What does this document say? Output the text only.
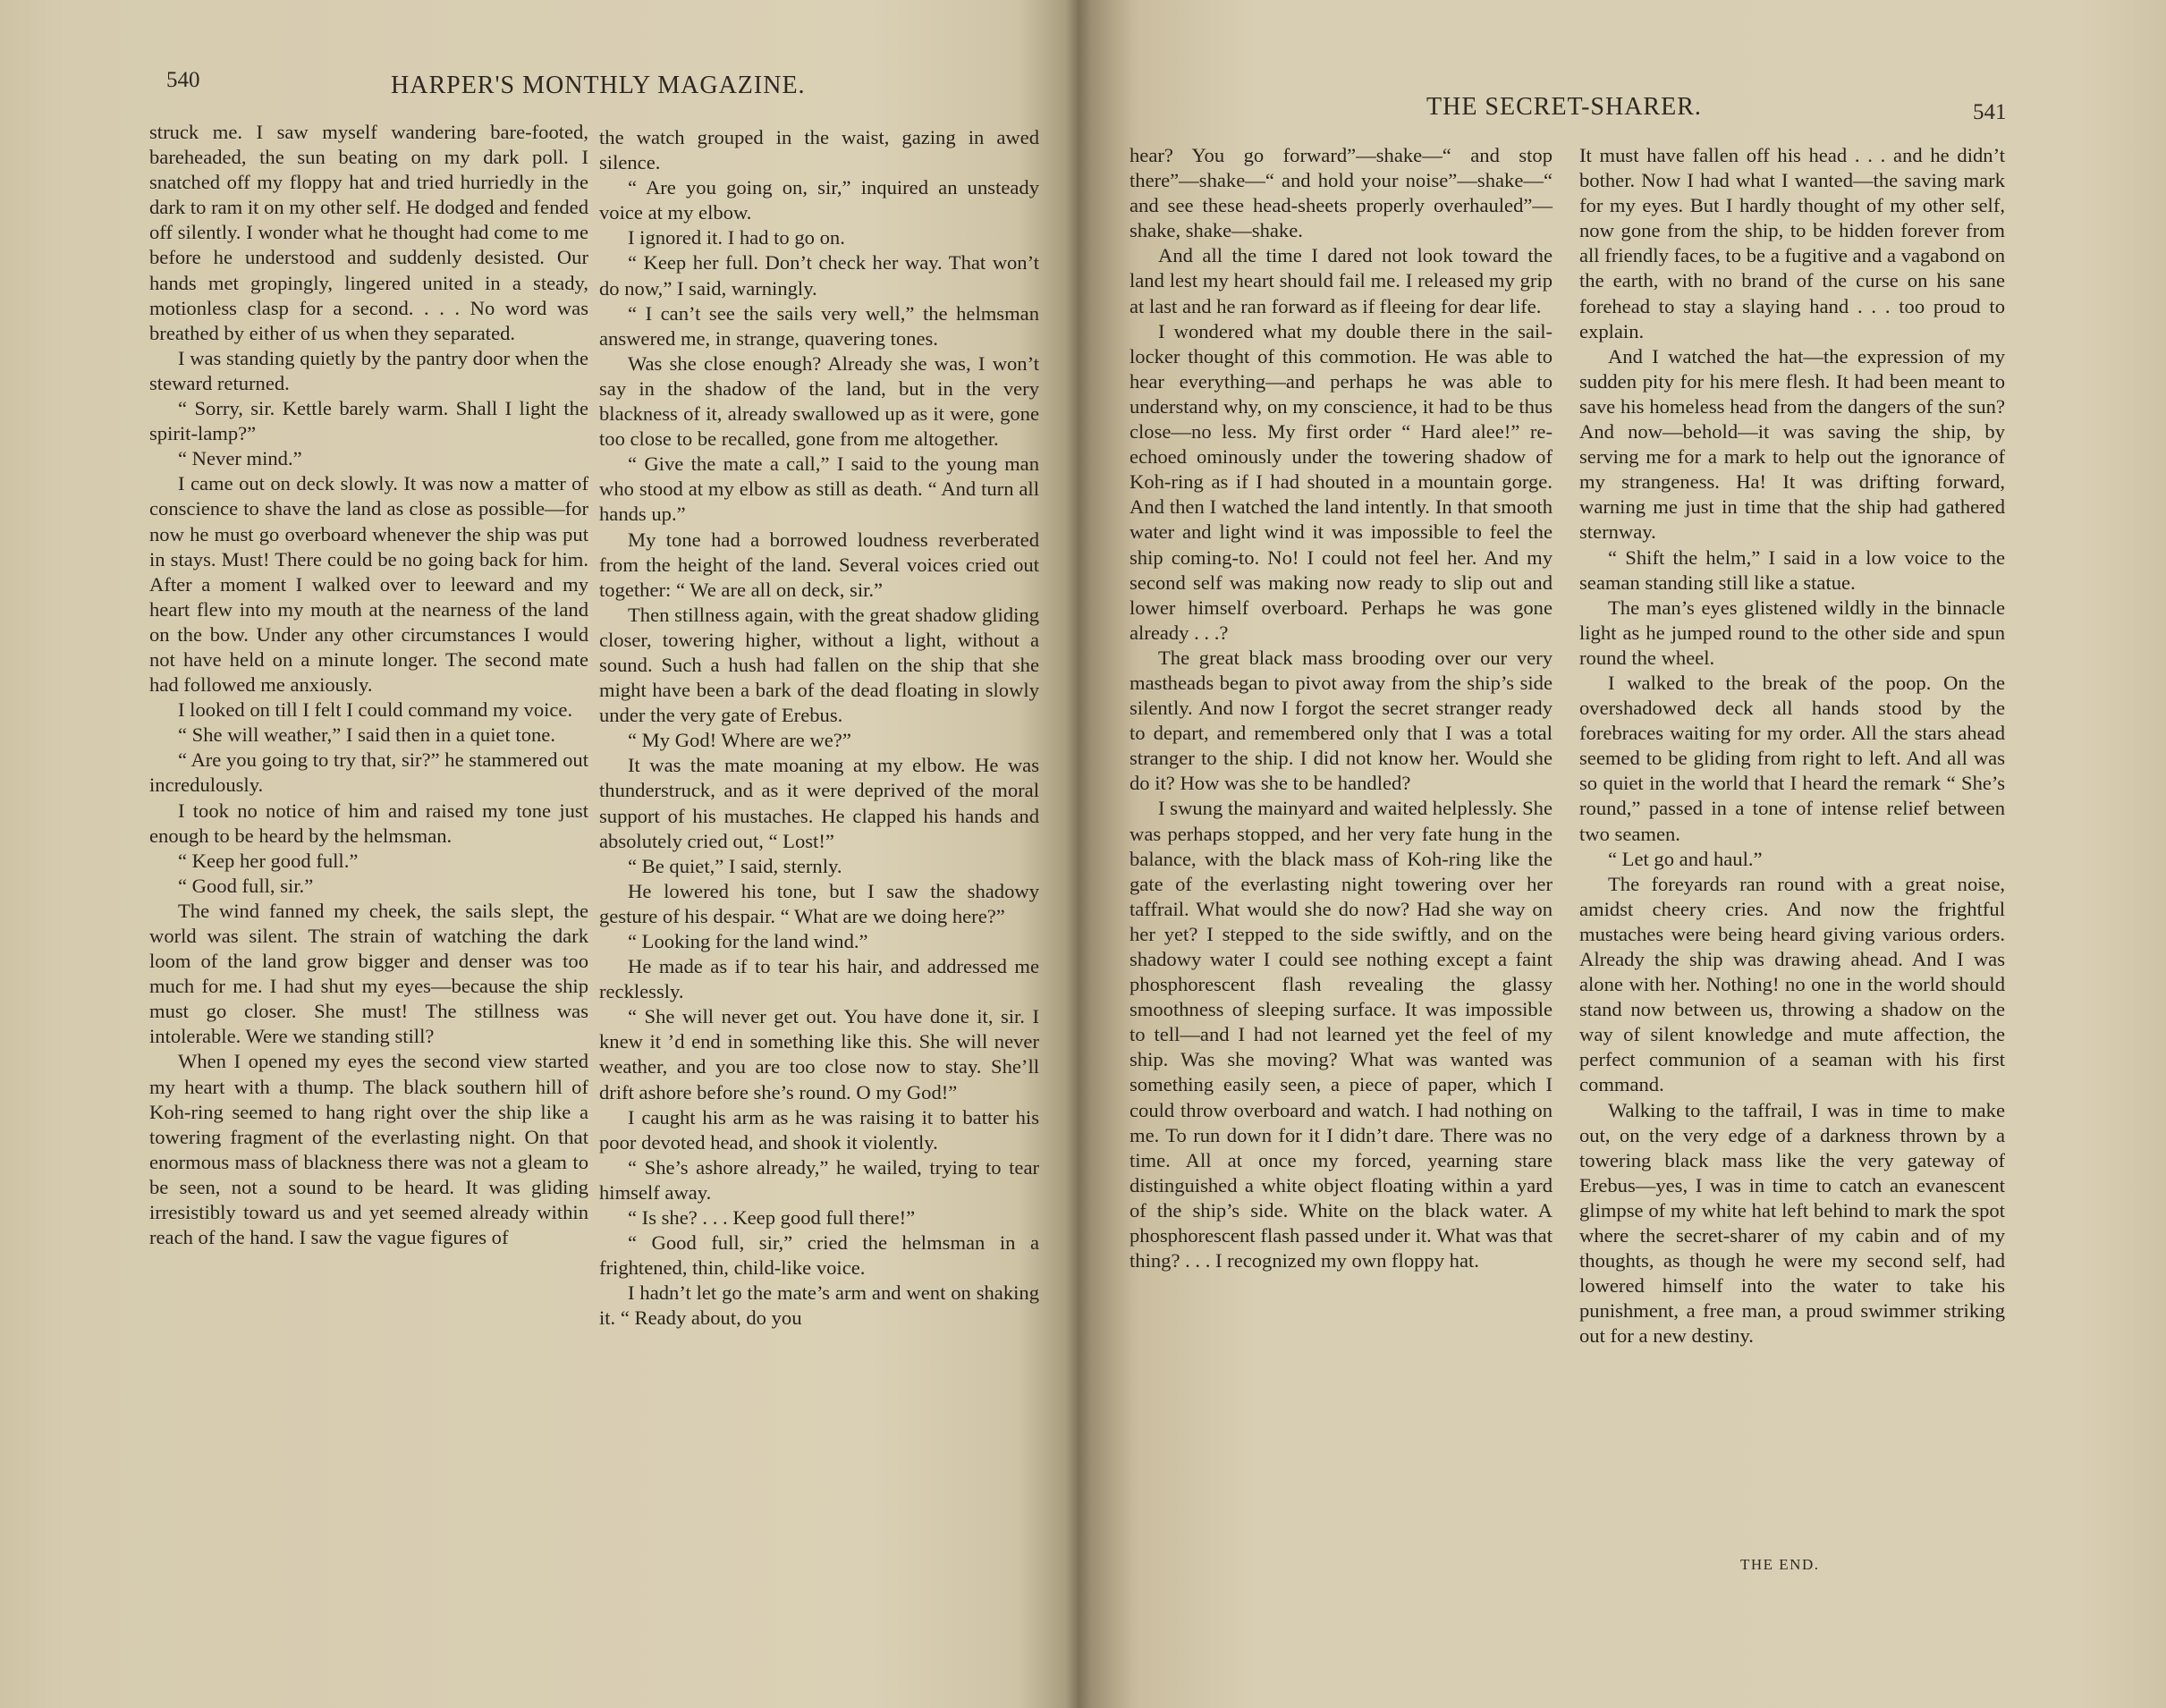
540	HARPER'S MONTHLY MAGAZINE.

struck me. I saw myself wandering bare-footed, bareheaded, the sun beating on my dark poll. I snatched off my floppy hat and tried hurriedly in the dark to ram it on my other self. He dodged and fended off silently. I wonder what he thought had come to me before he understood and suddenly desisted. Our hands met gropingly, lingered united in a steady, motionless clasp for a second. . . . No word was breathed by either of us when they separated.

I was standing quietly by the pantry door when the steward returned.

“ Sorry, sir. Kettle barely warm. Shall I light the spirit-lamp?”

“ Never mind.”

I came out on deck slowly. It was now a matter of conscience to shave the land as close as possible—for now he must go overboard whenever the ship was put in stays. Must! There could be no going back for him. After a moment I walked over to leeward and my heart flew into my mouth at the nearness of the land on the bow. Under any other circumstances I would not have held on a minute longer. The second mate had followed me anxiously.

I looked on till I felt I could command my voice.

“ She will weather,” I said then in a quiet tone.

“ Are you going to try that, sir?” he stammered out incredulously.

I took no notice of him and raised my tone just enough to be heard by the helmsman.

“ Keep her good full.”

“ Good full, sir.”

The wind fanned my cheek, the sails slept, the world was silent. The strain of watching the dark loom of the land grow bigger and denser was too much for me. I had shut my eyes—because the ship must go closer. She must! The stillness was intolerable. Were we standing still?

When I opened my eyes the second view started my heart with a thump. The black southern hill of Koh-ring seemed to hang right over the ship like a towering fragment of the everlasting night. On that enormous mass of blackness there was not a gleam to be seen, not a sound to be heard. It was gliding irresistibly toward us and yet seemed already within reach of the hand. I saw the vague figures of

the watch grouped in the waist, gazing in awed silence.

“ Are you going on, sir,” inquired an unsteady voice at my elbow.

I ignored it. I had to go on.

“ Keep her full. Don’t check her way. That won’t do now,” I said, warningly.

“ I can’t see the sails very well,” the helmsman answered me, in strange, quavering tones.

Was she close enough? Already she was, I won’t say in the shadow of the land, but in the very blackness of it, already swallowed up as it were, gone too close to be recalled, gone from me altogether.

“ Give the mate a call,” I said to the young man who stood at my elbow as still as death. “ And turn all hands up.”

My tone had a borrowed loudness reverberated from the height of the land. Several voices cried out together: “ We are all on deck, sir.”

Then stillness again, with the great shadow gliding closer, towering higher, without a light, without a sound. Such a hush had fallen on the ship that she might have been a bark of the dead floating in slowly under the very gate of Erebus.

“ My God! Where are we?”

It was the mate moaning at my elbow. He was thunderstruck, and as it were deprived of the moral support of his mustaches. He clapped his hands and absolutely cried out, “ Lost!”

“ Be quiet,” I said, sternly.

He lowered his tone, but I saw the shadowy gesture of his despair. “ What are we doing here?”

“ Looking for the land wind.”

He made as if to tear his hair, and addressed me recklessly.

“ She will never get out. You have done it, sir. I knew it ’d end in something like this. She will never weather, and you are too close now to stay. She’ll drift ashore before she’s round. O my God!”

I caught his arm as he was raising it to batter his poor devoted head, and shook it violently.

“ She’s ashore already,” he wailed, trying to tear himself away.

“ Is she? . . . Keep good full there!”

“ Good full, sir,” cried the helmsman in a frightened, thin, child-like voice.

I hadn’t let go the mate’s arm and went on shaking it. “ Ready about, do you

THE SECRET-SHARER.	541

hear? You go forward”—shake—“ and stop there”—shake—“ and hold your noise”—shake—“ and see these head-sheets properly overhauled”—shake, shake—shake.

And all the time I dared not look toward the land lest my heart should fail me. I released my grip at last and he ran forward as if fleeing for dear life.

I wondered what my double there in the sail-locker thought of this commotion. He was able to hear everything—and perhaps he was able to understand why, on my conscience, it had to be thus close—no less. My first order “ Hard alee!” re-echoed ominously under the towering shadow of Koh-ring as if I had shouted in a mountain gorge. And then I watched the land intently. In that smooth water and light wind it was impossible to feel the ship coming-to. No! I could not feel her. And my second self was making now ready to slip out and lower himself overboard. Perhaps he was gone already . . .?

The great black mass brooding over our very mastheads began to pivot away from the ship’s side silently. And now I forgot the secret stranger ready to depart, and remembered only that I was a total stranger to the ship. I did not know her. Would she do it? How was she to be handled?

I swung the mainyard and waited helplessly. She was perhaps stopped, and her very fate hung in the balance, with the black mass of Koh-ring like the gate of the everlasting night towering over her taffrail. What would she do now? Had she way on her yet? I stepped to the side swiftly, and on the shadowy water I could see nothing except a faint phosphorescent flash revealing the glassy smoothness of sleeping surface. It was impossible to tell—and I had not learned yet the feel of my ship. Was she moving? What was wanted was something easily seen, a piece of paper, which I could throw overboard and watch. I had nothing on me. To run down for it I didn’t dare. There was no time. All at once my forced, yearning stare distinguished a white object floating within a yard of the ship’s side. White on the black water. A phosphorescent flash passed under it. What was that thing? . . . I recognized my own floppy hat.

It must have fallen off his head . . . and he didn’t bother. Now I had what I wanted—the saving mark for my eyes. But I hardly thought of my other self, now gone from the ship, to be hidden forever from all friendly faces, to be a fugitive and a vagabond on the earth, with no brand of the curse on his sane forehead to stay a slaying hand . . . too proud to explain.

And I watched the hat—the expression of my sudden pity for his mere flesh. It had been meant to save his homeless head from the dangers of the sun? And now—behold—it was saving the ship, by serving me for a mark to help out the ignorance of my strangeness. Ha! It was drifting forward, warning me just in time that the ship had gathered sternway.

“ Shift the helm,” I said in a low voice to the seaman standing still like a statue.

The man’s eyes glistened wildly in the binnacle light as he jumped round to the other side and spun round the wheel.

I walked to the break of the poop. On the overshadowed deck all hands stood by the forebraces waiting for my order. All the stars ahead seemed to be gliding from right to left. And all was so quiet in the world that I heard the remark “ She’s round,” passed in a tone of intense relief between two seamen.

“ Let go and haul.”

The foreyards ran round with a great noise, amidst cheery cries. And now the frightful mustaches were being heard giving various orders. Already the ship was drawing ahead. And I was alone with her. Nothing! no one in the world should stand now between us, throwing a shadow on the way of silent knowledge and mute affection, the perfect communion of a seaman with his first command.

Walking to the taffrail, I was in time to make out, on the very edge of a darkness thrown by a towering black mass like the very gateway of Erebus—yes, I was in time to catch an evanescent glimpse of my white hat left behind to mark the spot where the secret-sharer of my cabin and of my thoughts, as though he were my second self, had lowered himself into the water to take his punishment, a free man, a proud swimmer striking out for a new destiny.

THE END.
